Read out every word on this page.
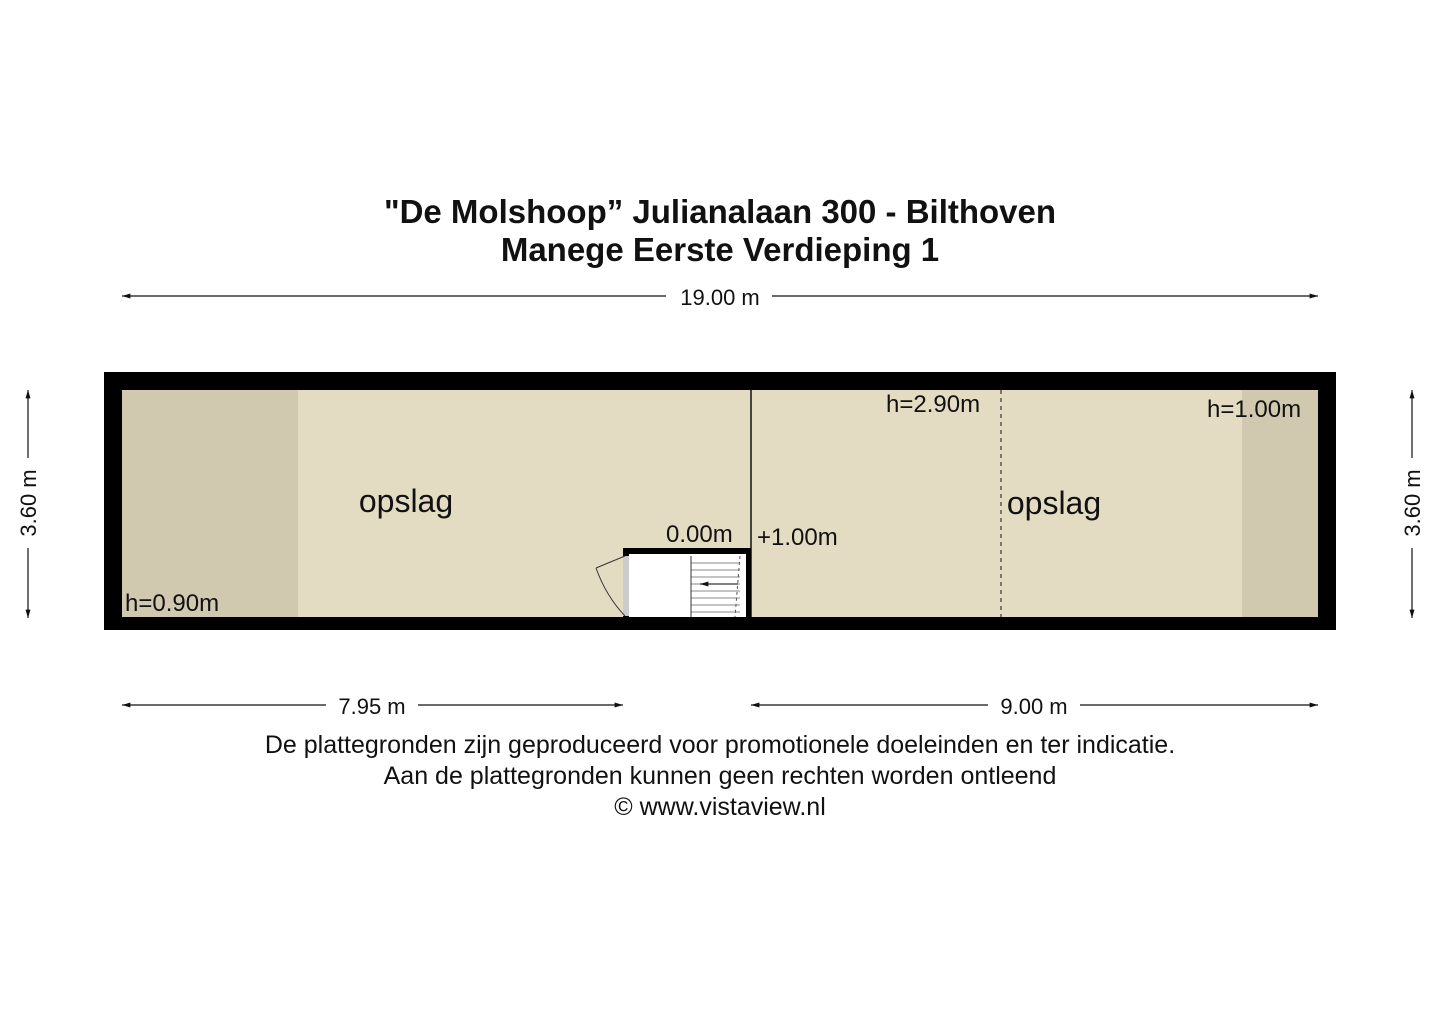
"De Molshoop” Julianalaan 300 - Bilthoven
Manege Eerste Verdieping 1
19.00 m
3.60 m	3.60 m
opslag	opslag
h=0.90m
h=2.90m	h=1.00m
0.00m +1.00m
7.95 m	9.00 m
De plattegronden zijn geproduceerd voor promotionele doeleinden en ter indicatie.
Aan de plattegronden kunnen geen rechten worden ontleend
© www.vistaview.nl
